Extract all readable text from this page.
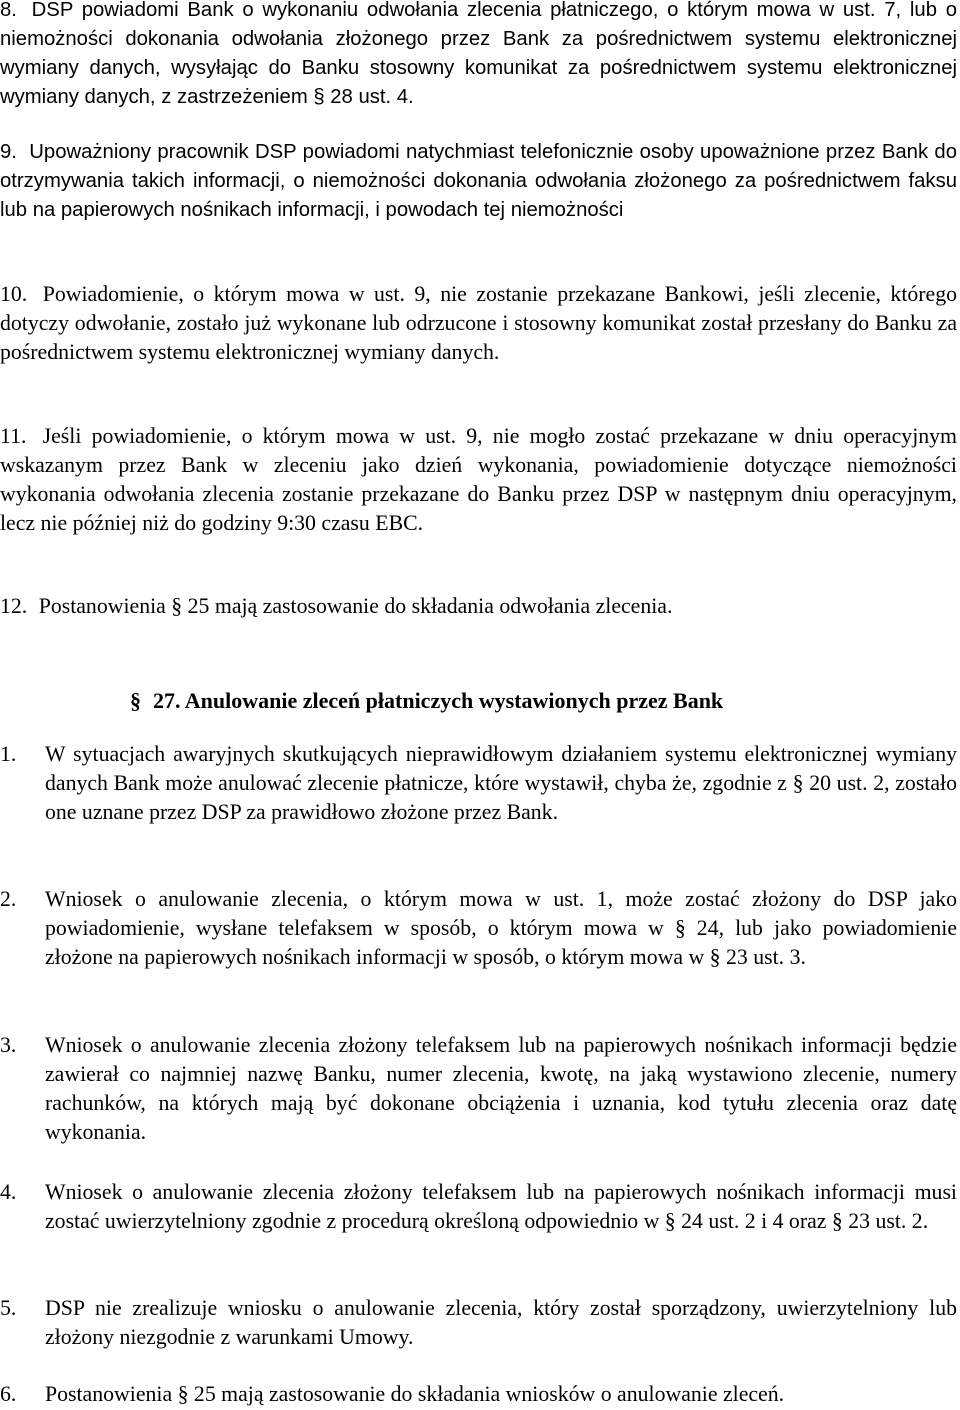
8. DSP powiadomi Bank o wykonaniu odwołania zlecenia płatniczego, o którym mowa w ust. 7, lub o niemożności dokonania odwołania złożonego przez Bank za pośrednictwem systemu elektronicznej wymiany danych, wysyłając do Banku stosowny komunikat za pośrednictwem systemu elektronicznej wymiany danych, z zastrzeżeniem § 28 ust. 4.

9. Upoważniony pracownik DSP powiadomi natychmiast telefonicznie osoby upoważnione przez Bank do otrzymywania takich informacji, o niemożności dokonania odwołania złożonego za pośrednictwem faksu lub na papierowych nośnikach informacji, i powodach tej niemożności

10. Powiadomienie, o którym mowa w ust. 9, nie zostanie przekazane Bankowi, jeśli zlecenie, którego dotyczy odwołanie, zostało już wykonane lub odrzucone i stosowny komunikat został przesłany do Banku za pośrednictwem systemu elektronicznej wymiany danych.

11. Jeśli powiadomienie, o którym mowa w ust. 9, nie mogło zostać przekazane w dniu operacyjnym wskazanym przez Bank w zleceniu jako dzień wykonania, powiadomienie dotyczące niemożności wykonania odwołania zlecenia zostanie przekazane do Banku przez DSP w następnym dniu operacyjnym, lecz nie później niż do godziny 9:30 czasu EBC.

12. Postanowienia § 25 mają zastosowanie do składania odwołania zlecenia.

§ 27. Anulowanie zleceń płatniczych wystawionych przez Bank

1.	W sytuacjach awaryjnych skutkujących nieprawidłowym działaniem systemu elektronicznej wymiany danych Bank może anulować zlecenie płatnicze, które wystawił, chyba że, zgodnie z § 20 ust. 2, zostało one uznane przez DSP za prawidłowo złożone przez Bank.

2.	Wniosek o anulowanie zlecenia, o którym mowa w ust. 1, może zostać złożony do DSP jako powiadomienie, wysłane telefaksem w sposób, o którym mowa w § 24, lub jako powiadomienie złożone na papierowych nośnikach informacji w sposób, o którym mowa w § 23 ust. 3.

3.	Wniosek o anulowanie zlecenia złożony telefaksem lub na papierowych nośnikach informacji będzie zawierał co najmniej nazwę Banku, numer zlecenia, kwotę, na jaką wystawiono zlecenie, numery rachunków, na których mają być dokonane obciążenia i uznania, kod tytułu zlecenia oraz datę wykonania.

4.	Wniosek o anulowanie zlecenia złożony telefaksem lub na papierowych nośnikach informacji musi zostać uwierzytelniony zgodnie z procedurą określoną odpowiednio w § 24 ust. 2 i 4 oraz § 23 ust. 2.

5.	DSP nie zrealizuje wniosku o anulowanie zlecenia, który został sporządzony, uwierzytelniony lub złożony niezgodnie z warunkami Umowy.

6.	Postanowienia § 25 mają zastosowanie do składania wniosków o anulowanie zleceń.
